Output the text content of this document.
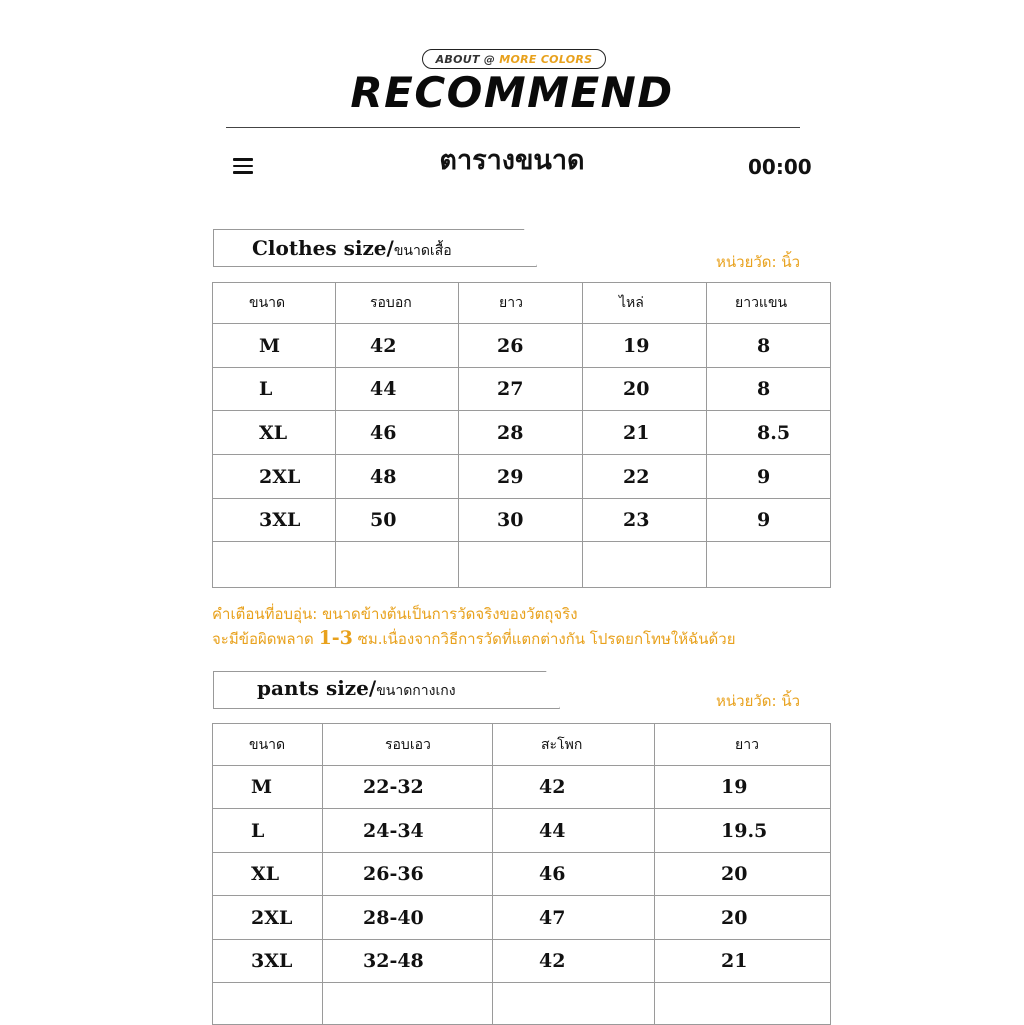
ABOUT @ MORE COLORS
RECOMMEND
ตารางขนาด	00:00
Clothes size/ขนาดเสื้อ
หน่วยวัด: นิ้ว
ขนาด	รอบอก	ยาว	ไหล่	ยาวแขน
M	42	26	19	8
L	44	27	20	8
XL	46	28	21	8.5
2XL	48	29	22	9
3XL	50	30	23	9

คำเตือนที่อบอุ่น: ขนาดข้างต้นเป็นการวัดจริงของวัตถุจริง
จะมีข้อผิดพลาด 1-3 ซม.เนื่องจากวิธีการวัดที่แตกต่างกัน โปรดยกโทษให้ฉันด้วย
pants size/ขนาดกางเกง
หน่วยวัด: นิ้ว
ขนาด	รอบเอว	สะโพก	ยาว
M	22-32	42	19
L	24-34	44	19.5
XL	26-36	46	20
2XL	28-40	47	20
3XL	32-48	42	21
